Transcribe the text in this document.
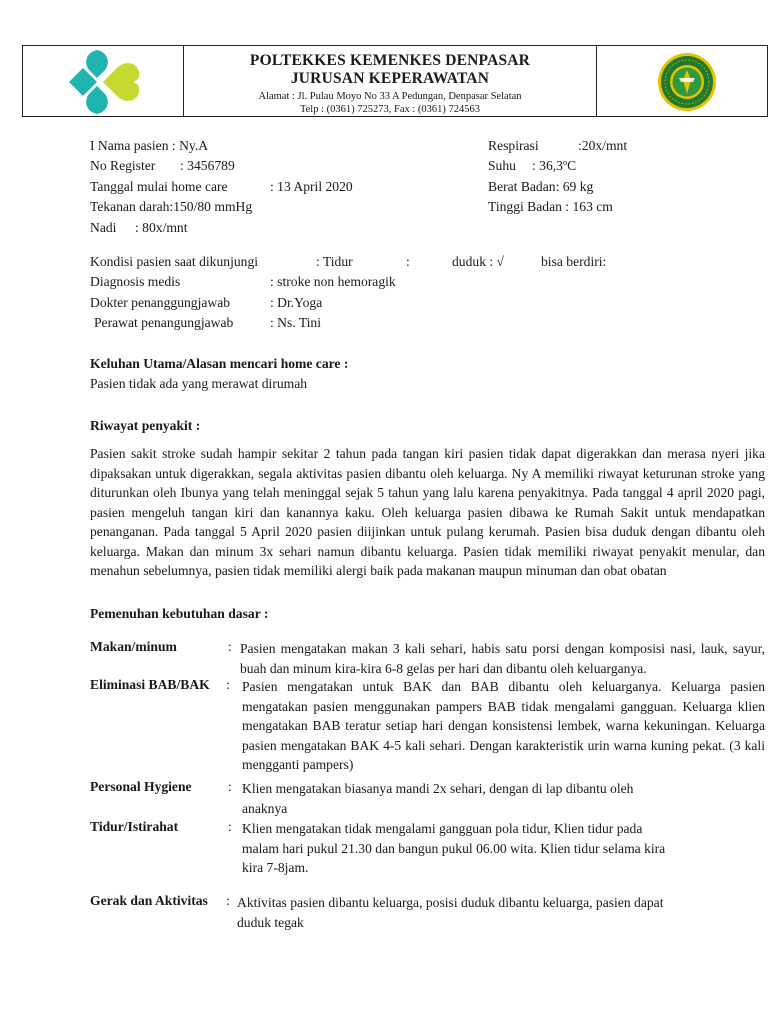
POLTEKKES KEMENKES DENPASAR
JURUSAN KEPERAWATAN
Alamat : Jl. Pulau Moyo No 33 A Pedungan, Denpasar Selatan
Telp : (0361) 725273, Fax : (0361) 724563
I Nama pasien : Ny.A
No Register : 3456789
Tanggal mulai home care	: 13 April 2020
Tekanan darah:150/80 mmHg
Nadi : 80x/mnt
Respirasi	:20x/mnt
Suhu : 36,3ºC
Berat Badan: 69 kg
Tinggi Badan : 163 cm
Kondisi pasien saat dikunjungi	: Tidur	:	duduk : √	bisa berdiri:
Diagnosis medis	: stroke non hemoragik
Dokter penanggungjawab	: Dr.Yoga
Perawat penangungjawab	: Ns. Tini
Keluhan Utama/Alasan mencari home care :
Pasien tidak ada yang merawat dirumah
Riwayat penyakit :
Pasien sakit stroke sudah hampir sekitar 2 tahun pada tangan kiri pasien tidak dapat digerakkan dan merasa nyeri jika dipaksakan untuk digerakkan, segala aktivitas pasien dibantu oleh keluarga. Ny A memiliki riwayat keturunan stroke yang diturunkan oleh Ibunya yang telah meninggal sejak 5 tahun yang lalu karena penyakitnya. Pada tanggal 4 april 2020 pagi, pasien mengeluh tangan kiri dan kanannya kaku. Oleh keluarga pasien dibawa ke Rumah Sakit untuk mendapatkan penanganan. Pada tanggal 5 April 2020 pasien diijinkan untuk pulang kerumah. Pasien bisa duduk dengan dibantu oleh keluarga. Makan dan minum 3x sehari namun dibantu keluarga. Pasien tidak memiliki riwayat penyakit menular, dan menahun sebelumnya, pasien tidak memiliki alergi baik pada makanan maupun minuman dan obat obatan
Pemenuhan kebutuhan dasar :
Makan/minum	: Pasien mengatakan makan 3 kali sehari, habis satu porsi dengan komposisi nasi, lauk, sayur, buah dan minum kira-kira 6-8 gelas per hari dan dibantu oleh keluarganya.
Eliminasi BAB/BAK : Pasien mengatakan untuk BAK dan BAB dibantu oleh keluarganya. Keluarga pasien mengatakan pasien menggunakan pampers BAB tidak mengalami gangguan. Keluarga klien mengatakan BAB teratur setiap hari dengan konsistensi lembek, warna kekuningan. Keluarga pasien mengatakan BAK 4-5 kali sehari. Dengan karakteristik urin warna kuning pekat. (3 kali mengganti pampers)
Personal Hygiene	: Klien mengatakan biasanya mandi 2x sehari, dengan di lap dibantu oleh anaknya
Tidur/Istirahat	: Klien mengatakan tidak mengalami gangguan pola tidur, Klien tidur pada malam hari pukul 21.30 dan bangun pukul 06.00 wita. Klien tidur selama kira kira 7-8jam.
Gerak dan Aktivitas : Aktivitas pasien dibantu keluarga, posisi duduk dibantu keluarga, pasien dapat duduk tegak
